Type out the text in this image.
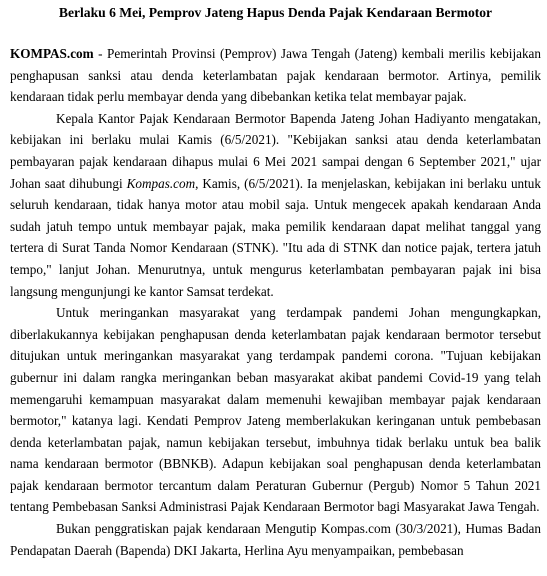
Berlaku 6 Mei, Pemprov Jateng Hapus Denda Pajak Kendaraan Bermotor

KOMPAS.com - Pemerintah Provinsi (Pemprov) Jawa Tengah (Jateng) kembali merilis kebijakan penghapusan sanksi atau denda keterlambatan pajak kendaraan bermotor. Artinya, pemilik kendaraan tidak perlu membayar denda yang dibebankan ketika telat membayar pajak.

Kepala Kantor Pajak Kendaraan Bermotor Bapenda Jateng Johan Hadiyanto mengatakan, kebijakan ini berlaku mulai Kamis (6/5/2021). "Kebijakan sanksi atau denda keterlambatan pembayaran pajak kendaraan dihapus mulai 6 Mei 2021 sampai dengan 6 September 2021," ujar Johan saat dihubungi Kompas.com, Kamis, (6/5/2021). Ia menjelaskan, kebijakan ini berlaku untuk seluruh kendaraan, tidak hanya motor atau mobil saja. Untuk mengecek apakah kendaraan Anda sudah jatuh tempo untuk membayar pajak, maka pemilik kendaraan dapat melihat tanggal yang tertera di Surat Tanda Nomor Kendaraan (STNK). "Itu ada di STNK dan notice pajak, tertera jatuh tempo," lanjut Johan. Menurutnya, untuk mengurus keterlambatan pembayaran pajak ini bisa langsung mengunjungi ke kantor Samsat terdekat.

Untuk meringankan masyarakat yang terdampak pandemi Johan mengungkapkan, diberlakukannya kebijakan penghapusan denda keterlambatan pajak kendaraan bermotor tersebut ditujukan untuk meringankan masyarakat yang terdampak pandemi corona. "Tujuan kebijakan gubernur ini dalam rangka meringankan beban masyarakat akibat pandemi Covid-19 yang telah memengaruhi kemampuan masyarakat dalam memenuhi kewajiban membayar pajak kendaraan bermotor," katanya lagi. Kendati Pemprov Jateng memberlakukan keringanan untuk pembebasan denda keterlambatan pajak, namun kebijakan tersebut, imbuhnya tidak berlaku untuk bea balik nama kendaraan bermotor (BBNKB). Adapun kebijakan soal penghapusan denda keterlambatan pajak kendaraan bermotor tercantum dalam Peraturan Gubernur (Pergub) Nomor 5 Tahun 2021 tentang Pembebasan Sanksi Administrasi Pajak Kendaraan Bermotor bagi Masyarakat Jawa Tengah.

Bukan penggratiskan pajak kendaraan Mengutip Kompas.com (30/3/2021), Humas Badan Pendapatan Daerah (Bapenda) DKI Jakarta, Herlina Ayu menyampaikan, pembebasan
